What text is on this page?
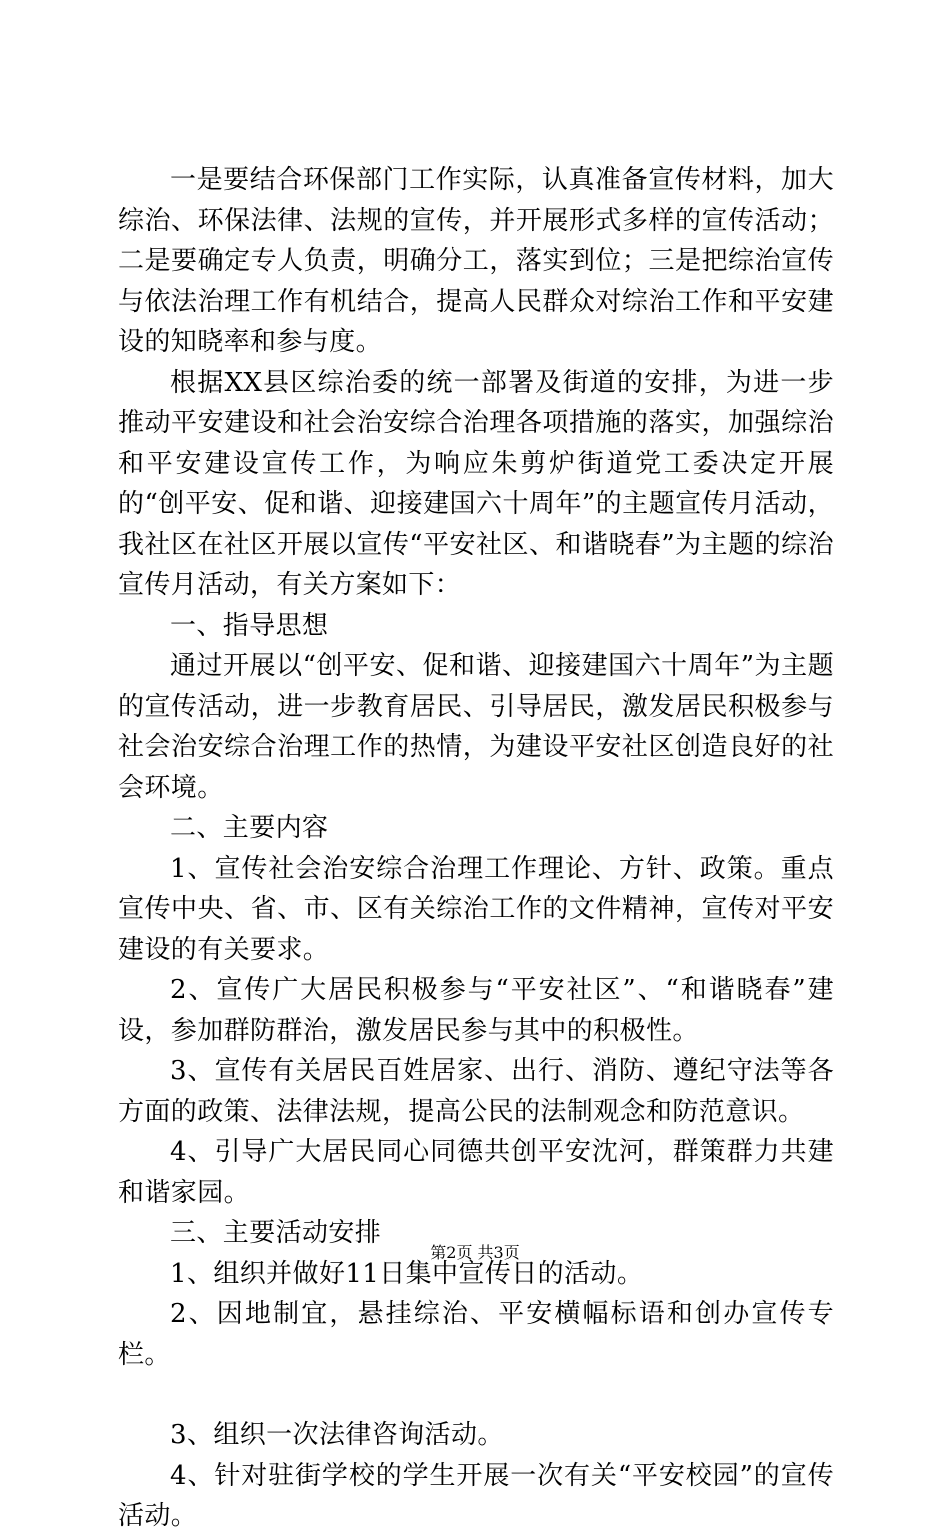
一是要结合环保部门工作实际，认真准备宣传材料，加大综治、环保法律、法规的宣传，并开展形式多样的宣传活动；二是要确定专人负责，明确分工，落实到位；三是把综治宣传与依法治理工作有机结合，提高人民群众对综治工作和平安建设的知晓率和参与度。

根据XX县区综治委的统一部署及街道的安排，为进一步推动平安建设和社会治安综合治理各项措施的落实，加强综治和平安建设宣传工作，为响应朱剪炉街道党工委决定开展的“创平安、促和谐、迎接建国六十周年”的主题宣传月活动，我社区在社区开展以宣传“平安社区、和谐晓春”为主题的综治宣传月活动，有关方案如下：

一、指导思想

通过开展以“创平安、促和谐、迎接建国六十周年”为主题的宣传活动，进一步教育居民、引导居民，激发居民积极参与社会治安综合治理工作的热情，为建设平安社区创造良好的社会环境。

二、主要内容

1、宣传社会治安综合治理工作理论、方针、政策。重点宣传中央、省、市、区有关综治工作的文件精神，宣传对平安建设的有关要求。

2、宣传广大居民积极参与“平安社区”、“和谐晓春”建设，参加群防群治，激发居民参与其中的积极性。

3、宣传有关居民百姓居家、出行、消防、遵纪守法等各方面的政策、法律法规，提高公民的法制观念和防范意识。

4、引导广大居民同心同德共创平安沈河，群策群力共建和谐家园。

三、主要活动安排

1、组织并做好11日集中宣传日的活动。

2、因地制宜，悬挂综治、平安横幅标语和创办宣传专栏。

3、组织一次法律咨询活动。

4、针对驻街学校的学生开展一次有关“平安校园”的宣传活动。

第2页 共3页
